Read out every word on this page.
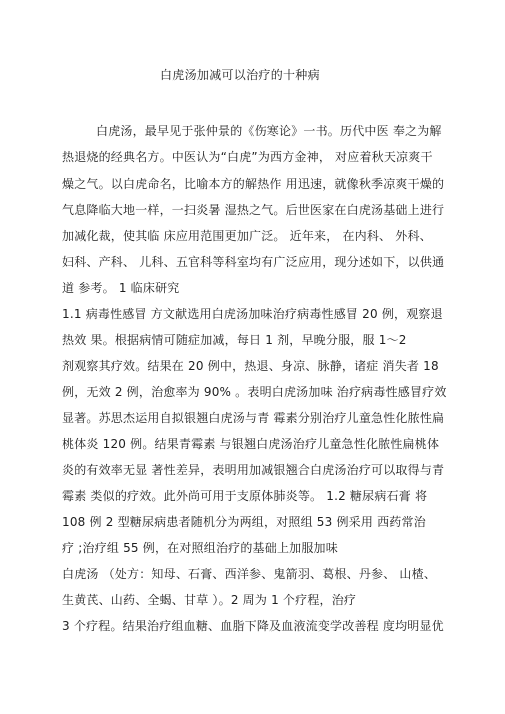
白虎汤加减可以治疗的十种病
白虎汤，最早见于张仲景的《伤寒论》一书。历代中医 奉之为解
热退烧的经典名方。中医认为“白虎”为西方金神， 对应着秋天凉爽干
燥之气。以白虎命名，比喻本方的解热作 用迅速，就像秋季凉爽干燥的
气息降临大地一样，一扫炎暑 湿热之气。后世医家在白虎汤基础上进行
加减化裁，使其临 床应用范围更加广泛。 近年来， 在内科、 外科、
妇科、产科、 儿科、五官科等科室均有广泛应用，现分述如下，以供通
道 参考。 1 临床研究
1.1 病毒性感冒 方文献选用白虎汤加味治疗病毒性感冒 20 例，观察退
热效 果。根据病情可随症加减，每日 1 剂，早晚分服，服 1～2
剂观察其疗效。结果在 20 例中，热退、身凉、脉静，诸症 消失者 18
例，无效 2 例，治愈率为 90% 。表明白虎汤加味 治疗病毒性感冒疗效
显著。苏思杰运用自拟银翘白虎汤与青 霉素分别治疗儿童急性化脓性扁
桃体炎 120 例。结果青霉素 与银翘白虎汤治疗儿童急性化脓性扁桃体
炎的有效率无显 著性差异，表明用加减银翘合白虎汤治疗可以取得与青
霉素 类似的疗效。此外尚可用于支原体肺炎等。 1.2 糖尿病石膏 将
108 例 2 型糖尿病患者随机分为两组，对照组 53 例采用 西药常治
疗 ;治疗组 55 例，在对照组治疗的基础上加服加味
白虎汤 （处方：知母、石膏、西洋参、鬼箭羽、葛根、丹参、 山楂、
生黄芪、山药、全蝎、甘草 ）。2 周为 1 个疗程，治疗
3 个疗程。结果治疗组血糖、血脂下降及血液流变学改善程 度均明显优
